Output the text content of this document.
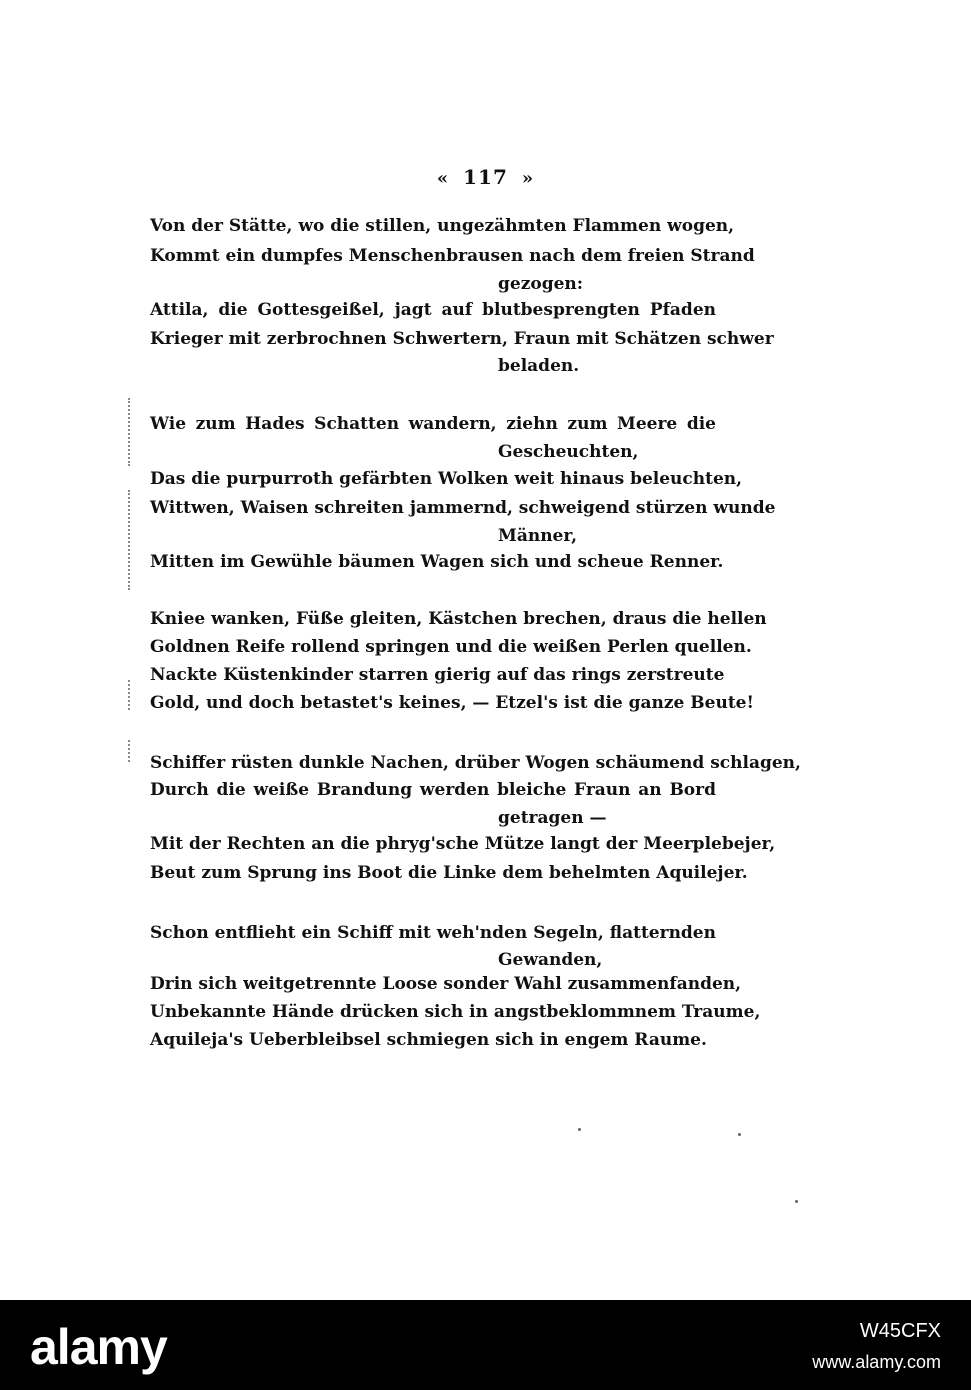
« 117 »
Von der Stätte, wo die stillen, ungezähmten Flammen wogen,
Kommt ein dumpfes Menschenbrausen nach dem freien Strand
gezogen:
Attila, die Gottesgeißel, jagt auf blutbesprengten Pfaden
Krieger mit zerbrochnen Schwertern, Fraun mit Schätzen schwer
beladen.
Wie zum Hades Schatten wandern, ziehn zum Meere die
Gescheuchten,
Das die purpurroth gefärbten Wolken weit hinaus beleuchten,
Wittwen, Waisen schreiten jammernd, schweigend stürzen wunde
Männer,
Mitten im Gewühle bäumen Wagen sich und scheue Renner.
Kniee wanken, Füße gleiten, Kästchen brechen, draus die hellen
Goldnen Reife rollend springen und die weißen Perlen quellen.
Nackte Küstenkinder starren gierig auf das rings zerstreute
Gold, und doch betastet's keines, — Etzel's ist die ganze Beute!
Schiffer rüsten dunkle Nachen, drüber Wogen schäumend schlagen,
Durch die weiße Brandung werden bleiche Fraun an Bord
getragen —
Mit der Rechten an die phryg'sche Mütze langt der Meerplebejer,
Beut zum Sprung ins Boot die Linke dem behelmten Aquilejer.
Schon entflieht ein Schiff mit weh'nden Segeln, flatternden
Gewanden,
Drin sich weitgetrennte Loose sonder Wahl zusammenfanden,
Unbekannte Hände drücken sich in angstbeklommnem Traume,
Aquileja's Ueberbleibsel schmiegen sich in engem Raume.
alamy	W45CFX
www.alamy.com
